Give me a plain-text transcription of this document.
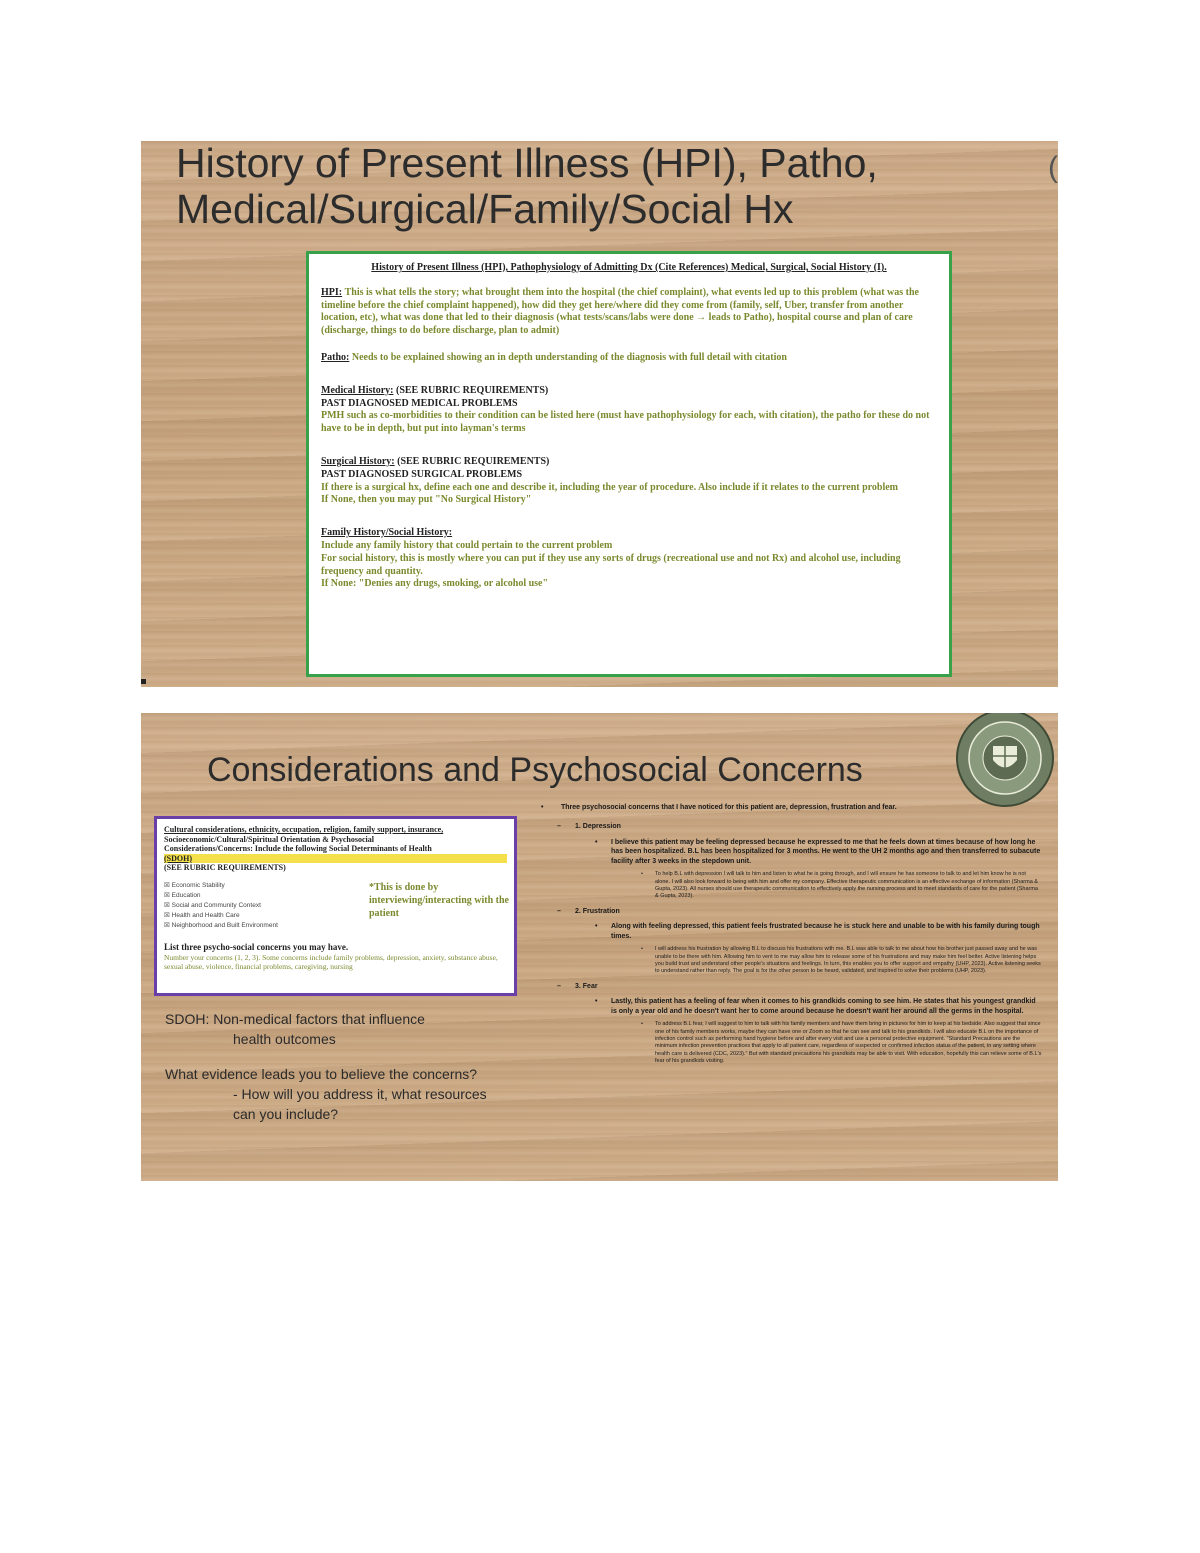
History of Present Illness (HPI), Patho, Medical/Surgical/Family/Social Hx
(
History of Present Illness (HPI), Pathophysiology of Admitting Dx (Cite References) Medical, Surgical, Social History (I).
HPI: This is what tells the story; what brought them into the hospital (the chief complaint), what events led up to this problem (what was the timeline before the chief complaint happened), how did they get here/where did they come from (family, self, Uber, transfer from another location, etc), what was done that led to their diagnosis (what tests/scans/labs were done → leads to Patho), hospital course and plan of care (discharge, things to do before discharge, plan to admit)
Patho: Needs to be explained showing an in depth understanding of the diagnosis with full detail with citation
Medical History: (SEE RUBRIC REQUIREMENTS)
PAST DIAGNOSED MEDICAL PROBLEMS
PMH such as co-morbidities to their condition can be listed here (must have pathophysiology for each, with citation), the patho for these do not have to be in depth, but put into layman's terms
Surgical History: (SEE RUBRIC REQUIREMENTS)
PAST DIAGNOSED SURGICAL PROBLEMS
If there is a surgical hx, define each one and describe it, including the year of procedure. Also include if it relates to the current problem
If None, then you may put "No Surgical History"
Family History/Social History:
Include any family history that could pertain to the current problem
For social history, this is mostly where you can put if they use any sorts of drugs (recreational use and not Rx) and alcohol use, including frequency and quantity.
If None: "Denies any drugs, smoking, or alcohol use"
Considerations and Psychosocial Concerns
Cultural considerations, ethnicity, occupation, religion, family support, insurance,
Socioeconomic/Cultural/Spiritual Orientation & Psychosocial
Considerations/Concerns: Include the following Social Determinants of Health
(SDOH)
(SEE RUBRIC REQUIREMENTS)
☒ Economic Stability
☒ Education
☒ Social and Community Context
☒ Health and Health Care
☒ Neighborhood and Built Environment
*This is done by interviewing/interacting with the patient
List three psycho-social concerns you may have.
Number your concerns (1, 2, 3). Some concerns include family problems, depression, anxiety, substance abuse, sexual abuse, violence, financial problems, caregiving, nursing
SDOH: Non-medical factors that influence
health outcomes
What evidence leads you to believe the concerns?
- How will you address it, what resources
can you include?
• Three psychosocial concerns that I have noticed for this patient are, depression, frustration and fear.
– 1. Depression
• I believe this patient may be feeling depressed because he expressed to me that he feels down at times because of how long he has been hospitalized. B.L has been hospitalized for 3 months. He went to the UH 2 months ago and then transferred to subacute facility after 3 weeks in the stepdown unit.
• To help B.L with depression I will talk to him and listen to what he is going through, and I will ensure he has someone to talk to and let him know he is not alone. I will also look forward to being with him and offer my company. Effective therapeutic communication is an effective exchange of information (Sharma & Gupta, 2023). All nurses should use therapeutic communication to effectively apply the nursing process and to meet standards of care for the patient (Sharma & Gupta, 2023).
– 2. Frustration
• Along with feeling depressed, this patient feels frustrated because he is stuck here and unable to be with his family during tough times.
• I will address his frustration by allowing B.L to discuss his frustrations with me. B.L was able to talk to me about how his brother just passed away and he was unable to be there with him. Allowing him to vent to me may allow him to release some of his frustrations and may make him feel better. Active listening helps you build trust and understand other people's situations and feelings. In turn, this enables you to offer support and empathy (UHP, 2023). Active listening seeks to understand rather than reply. The goal is for the other person to be heard, validated, and inspired to solve their problems (UHP, 2023).
– 3. Fear
• Lastly, this patient has a feeling of fear when it comes to his grandkids coming to see him. He states that his youngest grandkid is only a year old and he doesn't want her to come around because he doesn't want her around all the germs in the hospital.
• To address B.L fear, I will suggest to him to talk with his family members and have them bring in pictures for him to keep at his bedside. Also suggest that since one of his family members works, maybe they can have one or Zoom so that he can see and talk to his grandkids. I will also educate B.L on the importance of infection control such as performing hand hygiene before and after every visit and use a personal protective equipment. "Standard Precautions are the minimum infection prevention practices that apply to all patient care, regardless of suspected or confirmed infection status of the patient, in any setting where health care is delivered (CDC, 2023)." But with standard precautions his grandkids may be able to visit. With education, hopefully this can relieve some of B.L's fear of his grandkids visiting.
